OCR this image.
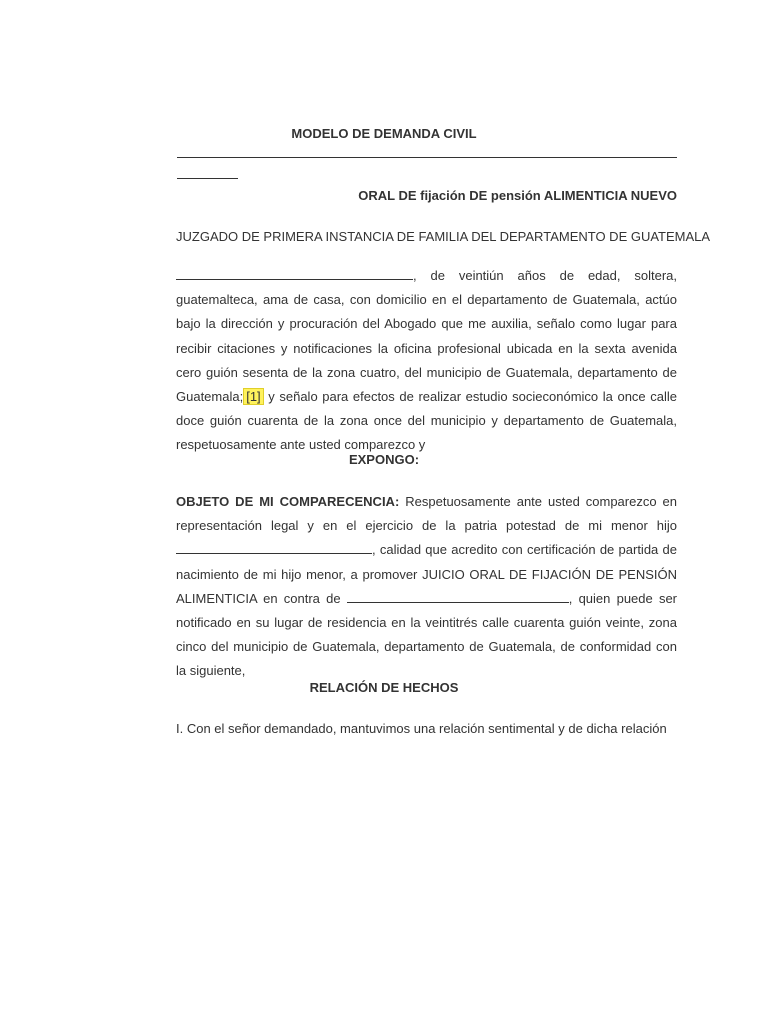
MODELO DE DEMANDA CIVIL
ORAL DE fijación DE pensión ALIMENTICIA NUEVO
JUZGADO DE PRIMERA INSTANCIA DE FAMILIA DEL DEPARTAMENTO DE GUATEMALA
, de veintiún años de edad, soltera, guatemalteca, ama de casa, con domicilio en el departamento de Guatemala, actúo bajo la dirección y procuración del Abogado que me auxilia, señalo como lugar para recibir citaciones y notificaciones la oficina profesional ubicada en la sexta avenida cero guión sesenta de la zona cuatro, del municipio de Guatemala, departamento de Guatemala; [1] y señalo para efectos de realizar estudio socieconómico la once calle doce guión cuarenta de la zona once del municipio y departamento de Guatemala, respetuosamente ante usted comparezco y
EXPONGO:
OBJETO DE MI COMPARECENCIA: Respetuosamente ante usted comparezco en representación legal y en el ejercicio de la patria potestad de mi menor hijo , calidad que acredito con certificación de partida de nacimiento de mi hijo menor, a promover JUICIO ORAL DE FIJACIÓN DE PENSIÓN ALIMENTICIA en contra de	, quien puede ser notificado en su lugar de residencia en la veintitrés calle cuarenta guión veinte, zona cinco del municipio de Guatemala, departamento de Guatemala, de conformidad con la siguiente,
RELACIÓN DE HECHOS
I. Con el señor demandado, mantuvimos una relación sentimental y de dicha relación
